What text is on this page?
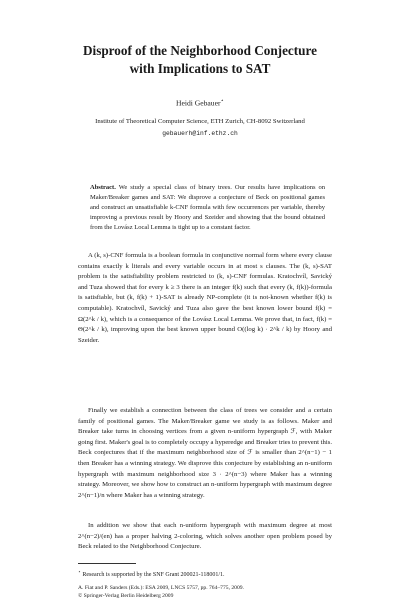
Disproof of the Neighborhood Conjecture
with Implications to SAT
Heidi Gebauer⋆
Institute of Theoretical Computer Science, ETH Zurich, CH-8092 Switzerland
gebauerh@inf.ethz.ch
Abstract. We study a special class of binary trees. Our results have implications on Maker/Breaker games and SAT: We disprove a conjecture of Beck on positional games and construct an unsatisfiable k-CNF formula with few occurrences per variable, thereby improving a previous result by Hoory and Szeider and showing that the bound obtained from the Lovász Local Lemma is tight up to a constant factor.
A (k, s)-CNF formula is a boolean formula in conjunctive normal form where every clause contains exactly k literals and every variable occurs in at most s clauses. The (k, s)-SAT problem is the satisfiability problem restricted to (k, s)-CNF formulas. Kratochvíl, Savický and Tuza showed that for every k ≥ 3 there is an integer f(k) such that every (k, f(k))-formula is satisfiable, but (k, f(k) + 1)-SAT is already NP-complete (it is not-known whether f(k) is computable). Kratochvíl, Savický and Tuza also gave the best known lower bound f(k) = Ω(2^k / k), which is a consequence of the Lovász Local Lemma. We prove that, in fact, f(k) = Θ(2^k / k), improving upon the best known upper bound O((log k) · 2^k / k) by Hoory and Szeider.
Finally we establish a connection between the class of trees we consider and a certain family of positional games. The Maker/Breaker game we study is as follows. Maker and Breaker take turns in choosing vertices from a given n-uniform hypergraph ℱ, with Maker going first. Maker's goal is to completely occupy a hyperedge and Breaker tries to prevent this. Beck conjectures that if the maximum neighborhood size of ℱ is smaller than 2^(n−1) − 1 then Breaker has a winning strategy. We disprove this conjecture by establishing an n-uniform hypergraph with maximum neighborhood size 3 · 2^(n−3) where Maker has a winning strategy. Moreover, we show how to construct an n-uniform hypergraph with maximum degree 2^(n−1)/n where Maker has a winning strategy.
In addition we show that each n-uniform hypergraph with maximum degree at most 2^(n−2)/(en) has a proper halving 2-coloring, which solves another open problem posed by Beck related to the Neighborhood Conjecture.
⋆ Research is supported by the SNF Grant 200021-118001/1.
A. Fiat and P. Sanders (Eds.): ESA 2009, LNCS 5757, pp. 764–775, 2009.
© Springer-Verlag Berlin Heidelberg 2009
